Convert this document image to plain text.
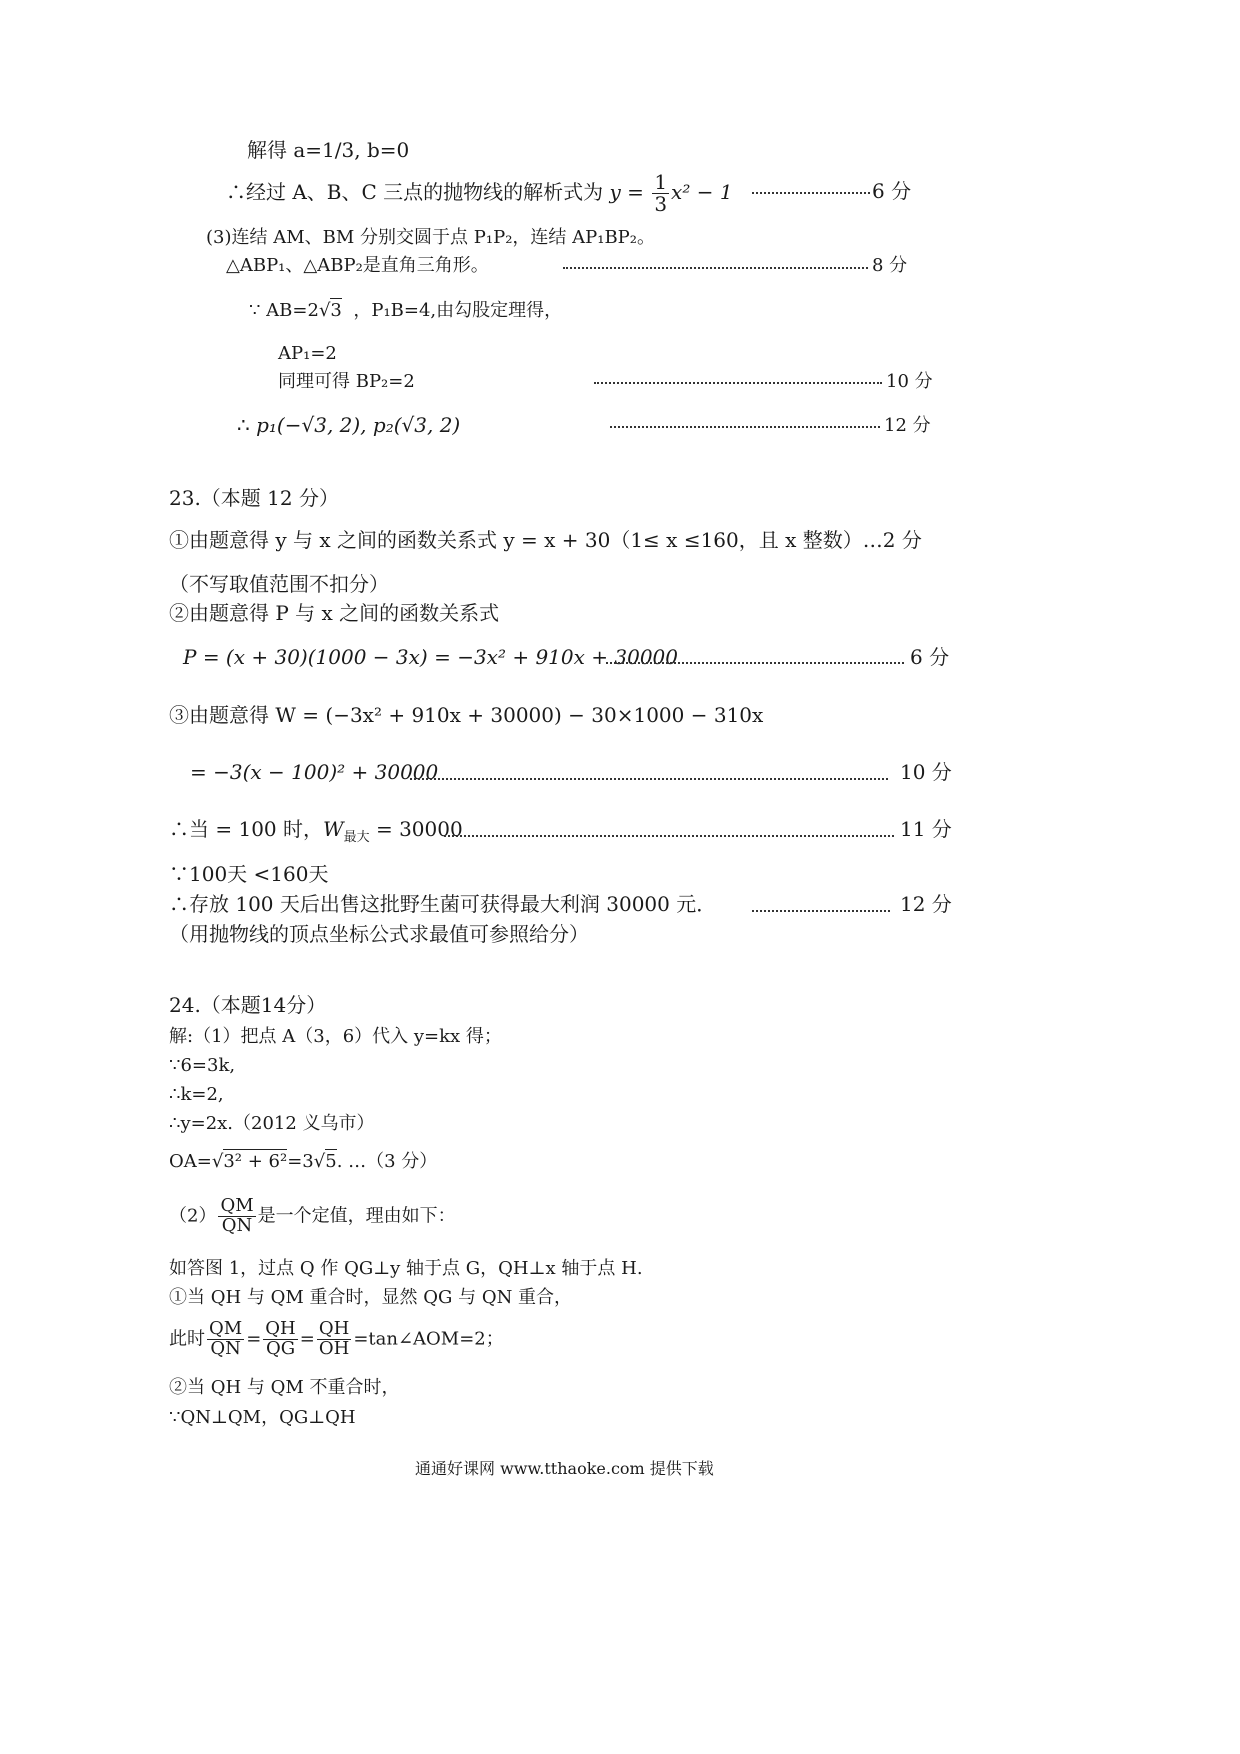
解得 a=1/3, b=0
∴经过 A、B、C 三点的抛物线的解析式为 $y = \frac{1}{3} x^2 - 1$	6 分
(3)连结 AM、BM 分别交圆于点 P₁P₂，连结 AP₁BP₂。
△ABP₁、△ABP₂是直角三角形。	8 分
∵ AB=2√3 ，P₁B=4,由勾股定理得，
AP₁=2
同理可得 BP₂=2	10 分
∴ p₁(−√3, 2), p₂(√3, 2)	12 分
23.（本题 12 分）
①由题意得 y 与 x 之间的函数关系式 y = x + 30（1≤ x ≤160，且 x 整数）…2 分
（不写取值范围不扣分）
②由题意得 P 与 x 之间的函数关系式
P = (x + 30)(1000 − 3x) = −3x² + 910x + 30000	6 分
③由题意得 W = (−3x² + 910x + 30000) − 30×1000 − 310x
= −3(x − 100)² + 30000	10 分
∴当 = 100 时，$W_{最大} = 30000$	11 分
∵100天 <160天
∴存放 100 天后出售这批野生菌可获得最大利润 30000 元．	12 分
（用抛物线的顶点坐标公式求最值可参照给分）
24.（本题14分）
解:（1）把点 A（3，6）代入 y=kx 得；
∵6=3k,
∴k=2,
∴y=2x.（2012 义乌市）
OA=√3² + 6²=3√5. …（3 分）
$(2) \frac{QM}{QN}$ 是一个定值，理由如下：
如答图 1，过点 Q 作 QG⊥y 轴于点 G，QH⊥x 轴于点 H.
①当 QH 与 QM 重合时，显然 QG 与 QN 重合，
此时 $\frac{QM}{QN} = \frac{QH}{QG} = \frac{QH}{OH}$ =tan∠AOM=2；
②当 QH 与 QM 不重合时，
∵QN⊥QM，QG⊥QH
通通好课网 www.tthaoke.com 提供下载
